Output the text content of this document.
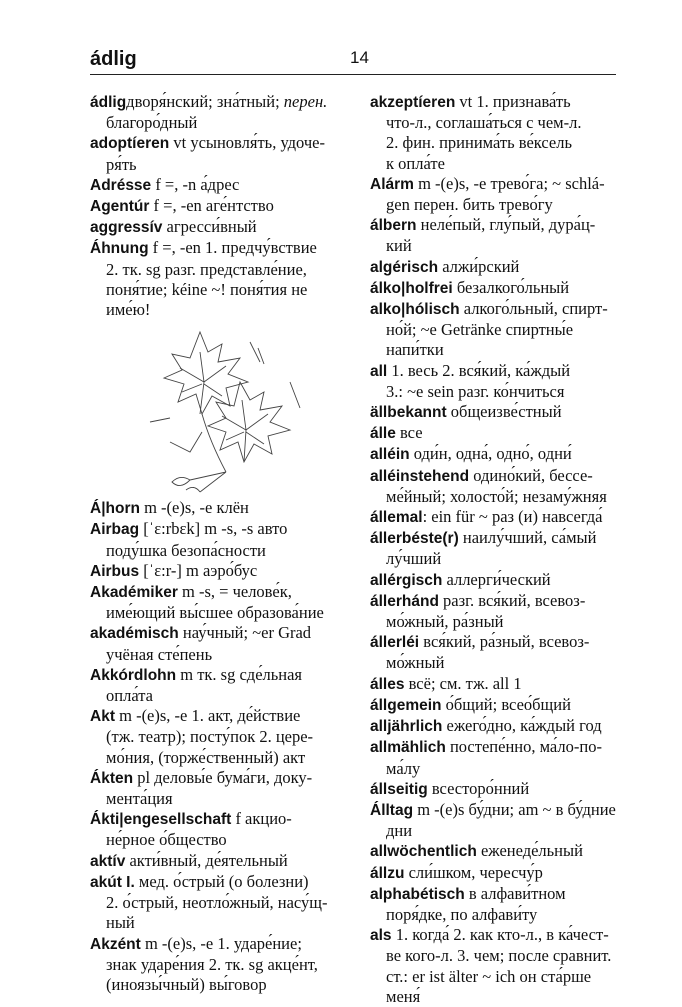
ádlig	14
ádligдворя́нский; зна́тный; перен.
благоро́дный
adoptíeren vt усыновля́ть, удоче-
ря́ть
Adrésse f =, -n а́дрес
Agentúr f =, -en аге́нтство
aggressív агресси́вный
Áhnung f =, -en 1. предчу́вствие
2. тк. sg разг. представле́ние,
поня́тие; kéine ~! поня́тия не
име́ю!
Á|horn m -(e)s, -e клён
Airbag [ˈɛ:rbɛk] m -s, -s авто
поду́шка безопа́сности
Airbus [ˈɛ:r-] m аэро́бус
Akadémiker m -s, = челове́к,
име́ющий вы́сшее образова́ние
akadémisch нау́чный; ~er Grad
учёная сте́пень
Akkórdlohn m тк. sg сде́льная
опла́та
Akt m -(e)s, -e 1. акт, де́йствие
(тж. театр); посту́пок 2. цере-
мо́ния, (торже́ственный) акт
Ákten pl деловы́е бума́ги, доку-
мента́ция
Ákti|engesellschaft f акцио-
не́рное о́бщество
aktív акти́вный, де́ятельный
akút I. мед. о́стрый (о болезни)
2. о́стрый, неотло́жный, насу́щ-
ный
Akzént m -(e)s, -e 1. ударе́ние;
знак ударе́ния 2. тк. sg акце́нт,
(иноязы́чный) вы́говор
akzeptíeren vt 1. признава́ть
что-л., соглаша́ться с чем-л.
2. фин. принима́ть ве́ксель
к опла́те
Alárm m -(e)s, -e трево́га; ~ schlá-
gen перен. бить трево́гу
álbern неле́пый, глу́пый, дура́ц-
кий
algérisch алжи́рский
álko|holfrei безалкого́льный
alko|hólisch алкого́льный, спирт-
но́й; ~e Getränke спиртны́е
напи́тки
all 1. весь 2. вся́кий, ка́ждый
3.: ~e sein разг. ко́нчиться
ällbekannt общеизве́стный
álle все
alléin оди́н, одна́, одно́, одни́
alléinstehend одино́кий, бессе-
ме́йный; холосто́й; незаму́жняя
állemal: ein für ~ раз (и) навсегда́
állerbéste(r) наилу́чший, са́мый
лу́чший
allérgisch аллерги́ческий
állerhánd разг. вся́кий, всевоз-
мо́жный, ра́зный
állerléi вся́кий, ра́зный, всевоз-
мо́жный
álles всё; см. тж. all 1
állgemein о́бщий; всео́бщий
alljährlich ежего́дно, ка́ждый год
allmählich постепе́нно, ма́ло-по-
ма́лу
állseitig всесторо́нний
Álltag m -(e)s бу́дни; am ~ в бу́дние
дни
allwöchentlich еженеде́льный
állzu сли́шком, чересчу́р
alphabétisch в алфави́тном
поря́дке, по алфави́ту
als 1. когда́ 2. как кто-л., в ка́чест-
ве кого-л. 3. чем; после сравнит.
ст.: er ist älter ~ ich он ста́рше
меня́
